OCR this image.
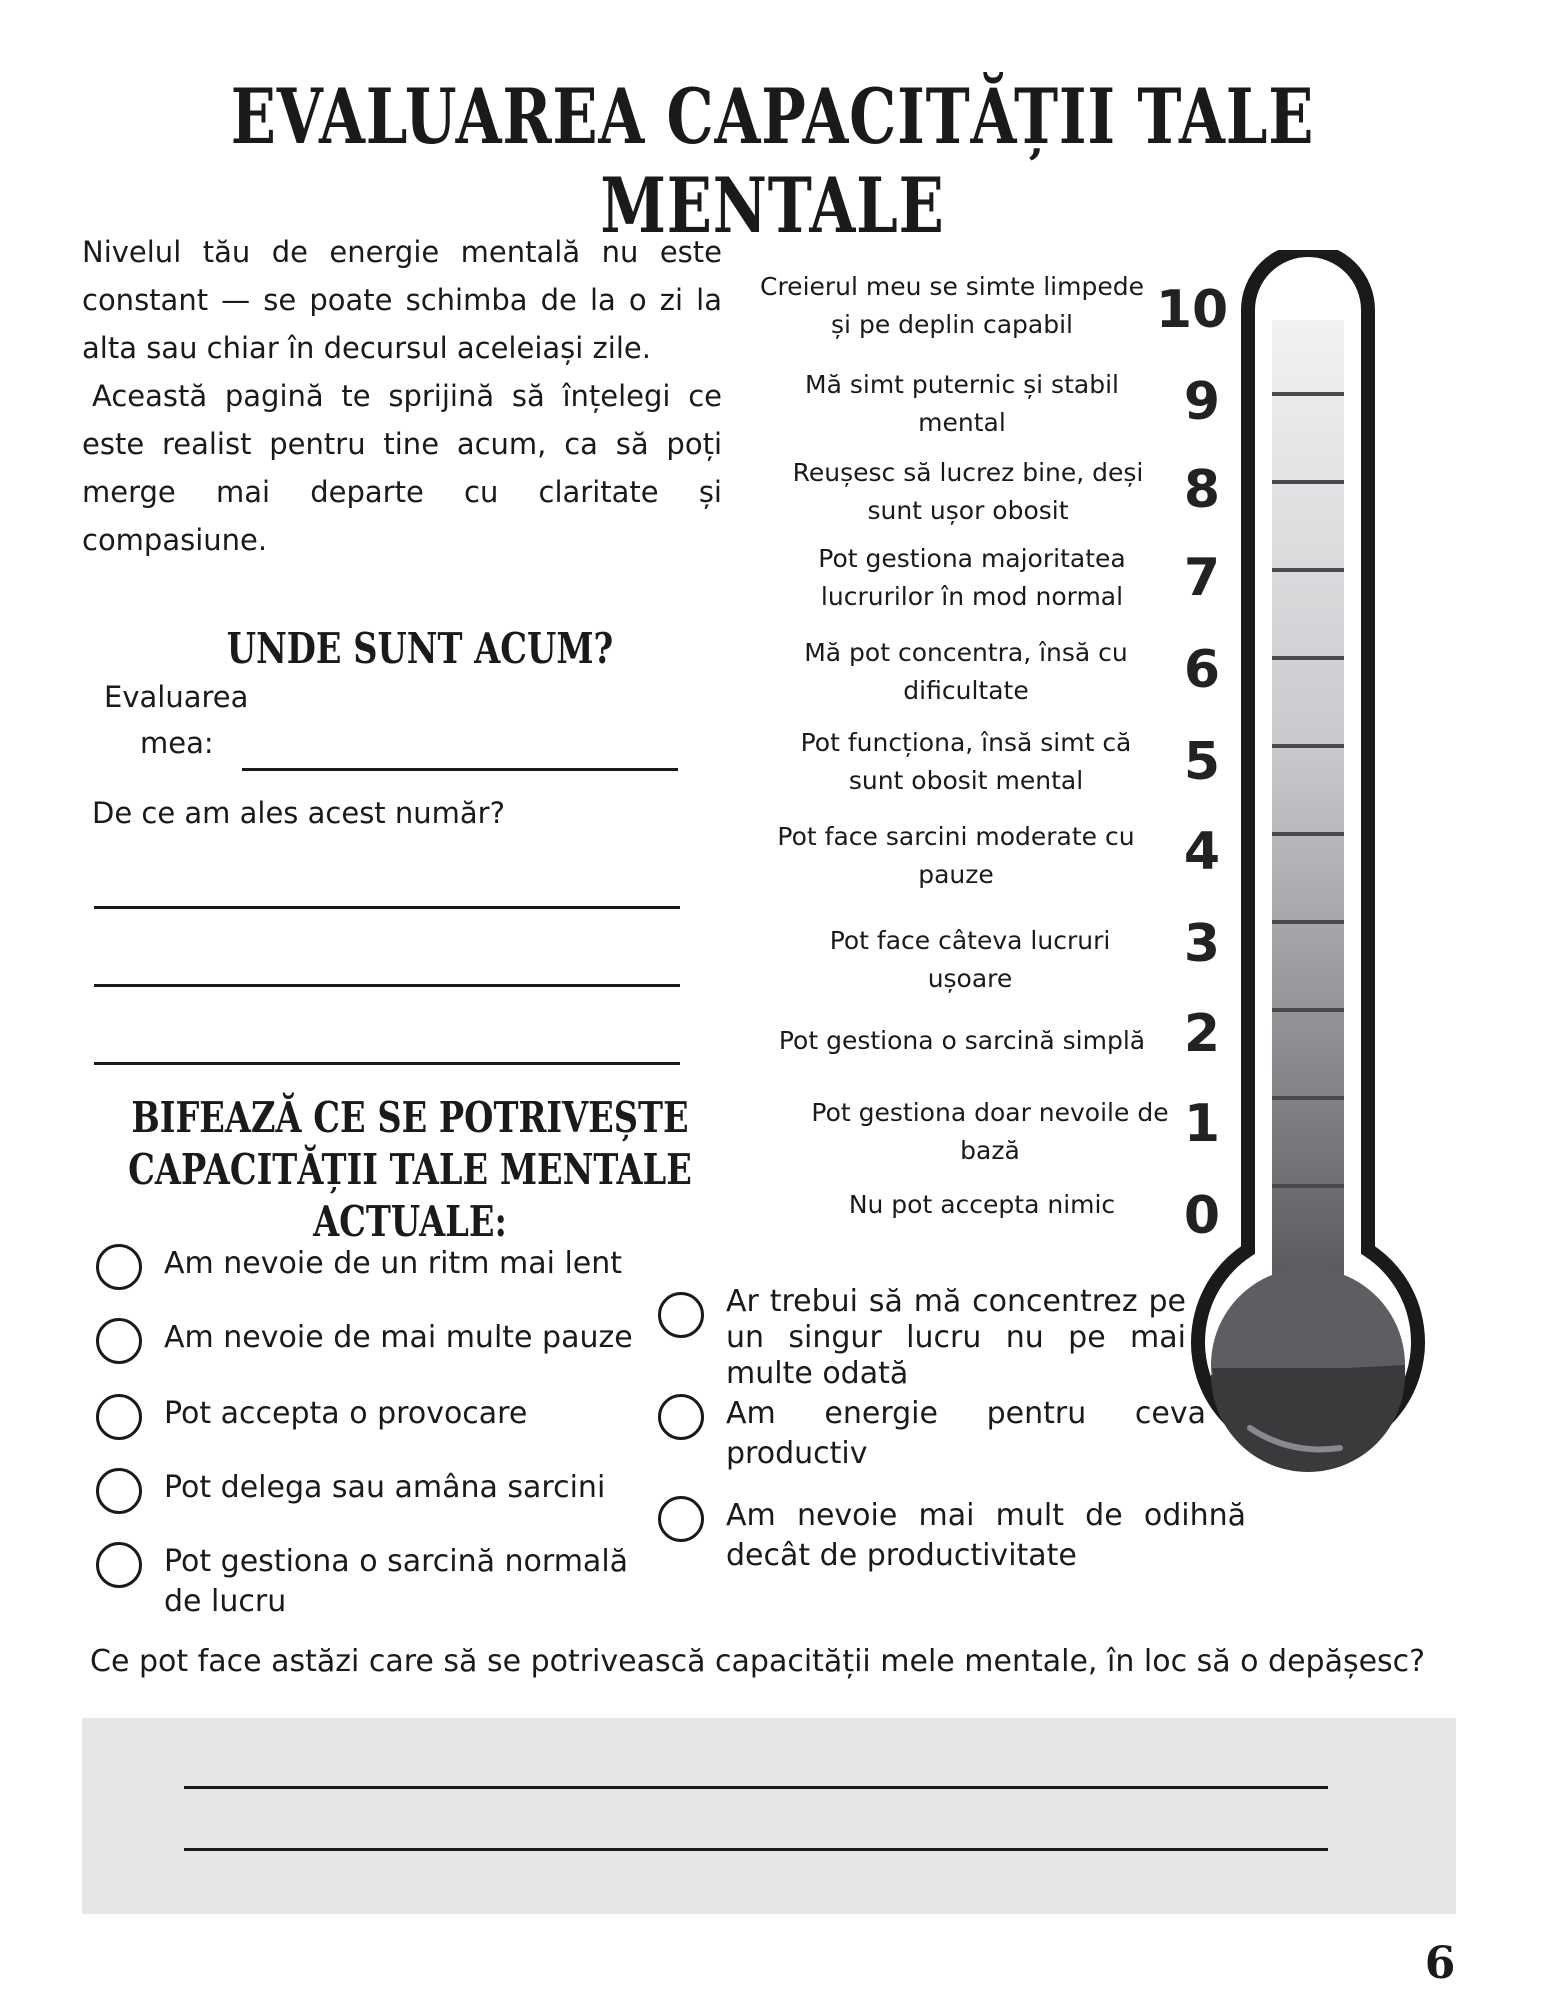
EVALUAREA CAPACITĂȚII TALE MENTALE

Nivelul tău de energie mentală nu este constant — se poate schimba de la o zi la alta sau chiar în decursul aceleiași zile.

Această pagină te sprijină să înțelegi ce este realist pentru tine acum, ca să poți merge mai departe cu claritate și compasiune.

UNDE SUNT ACUM?
Evaluarea
mea:
De ce am ales acest număr?
BIFEAZĂ CE SE POTRIVEȘTE
CAPACITĂȚII TALE MENTALE ACTUALE:
Am nevoie de un ritm mai lent
Am nevoie de mai multe pauze
Pot accepta o provocare
Pot delega sau amâna sarcini
Pot gestiona o sarcină normală de lucru
Ar trebui să mă concentrez pe un singur lucru nu pe mai multe odată
Am energie pentru ceva productiv
Am nevoie mai mult de odihnă decât de productivitate
Creierul meu se simte limpede și pe deplin capabil
Mă simt puternic și stabil mental
Reușesc să lucrez bine, deși sunt ușor obosit
Pot gestiona majoritatea lucrurilor în mod normal
Mă pot concentra, însă cu dificultate
Pot funcționa, însă simt că sunt obosit mental
Pot face sarcini moderate cu pauze
Pot face câteva lucruri ușoare
Pot gestiona o sarcină simplă
Pot gestiona doar nevoile de bază
Nu pot accepta nimic
10
9
8
7
6
5
4
3
2
1
0

Ce pot face astăzi care să se potrivească capacității mele mentale, în loc să o depășesc?

6
